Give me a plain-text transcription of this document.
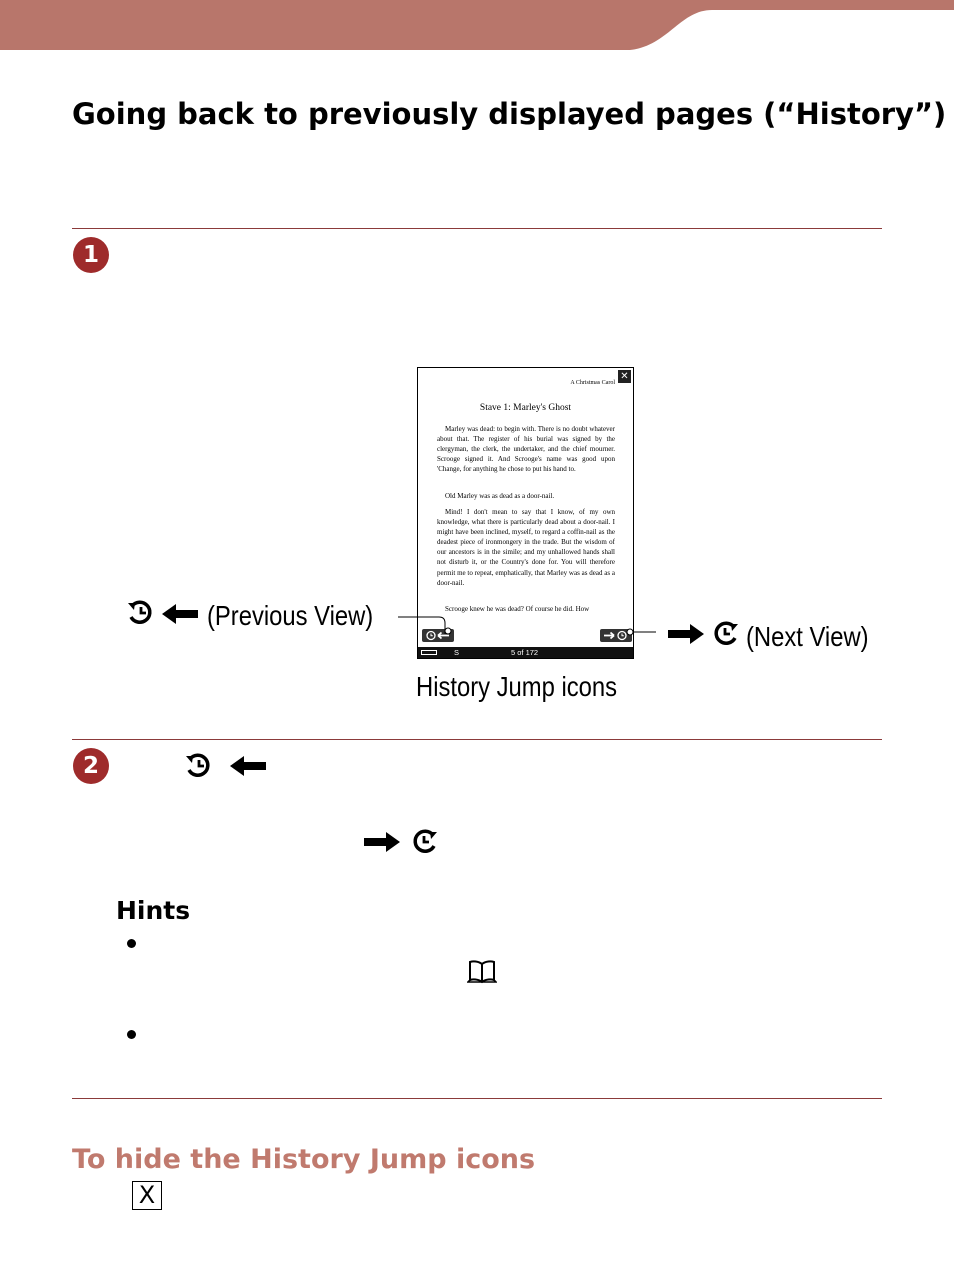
Going back to previously displayed pages (“History”)
1
✕
A Christmas Carol
Stave 1: Marley's Ghost

Marley was dead: to begin with. There is no doubt whatever about that. The register of his burial was signed by the clergyman, the clerk, the undertaker, and the chief mourner. Scrooge signed it. And Scrooge's name was good upon 'Change, for anything he chose to put his hand to.

Old Marley was as dead as a door-nail.

Mind! I don't mean to say that I know, of my own knowledge, what there is particularly dead about a door-nail. I might have been inclined, myself, to regard a coffin-nail as the deadest piece of ironmongery in the trade. But the wisdom of our ancestors is in the simile; and my unhallowed hands shall not disturb it, or the Country's done for. You will therefore permit me to repeat, emphatically, that Marley was as dead as a door-nail.

Scrooge knew he was dead? Of course he did. How

S	5 of 172
(Previous View)
(Next View)
History Jump icons
2
Hints
To hide the History Jump icons
X
